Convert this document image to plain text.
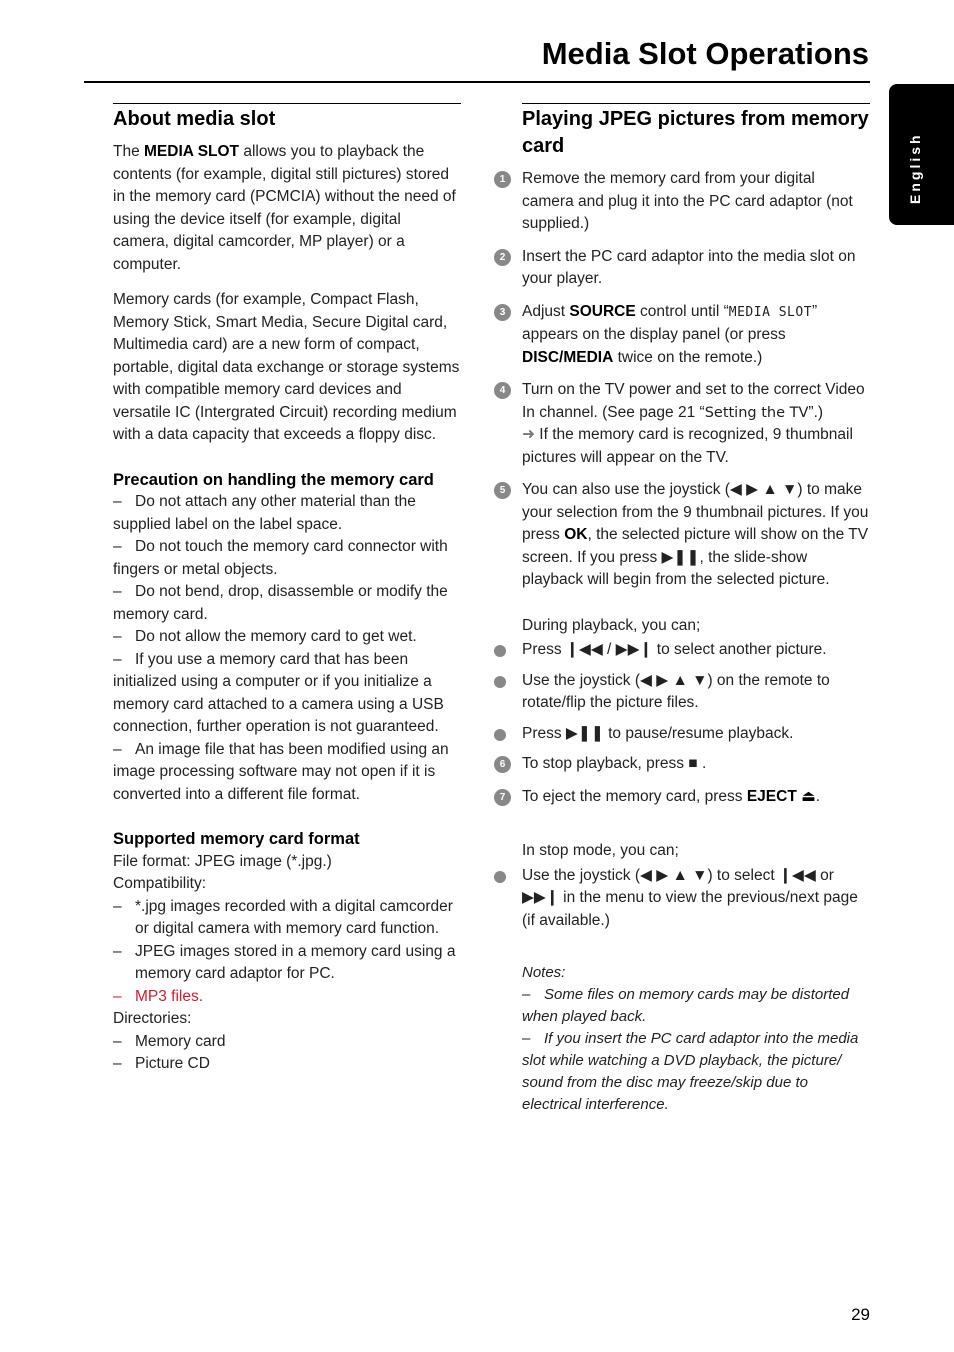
Media Slot Operations
English
About media slot

The MEDIA SLOT allows you to playback the contents (for example, digital still pictures) stored in the memory card (PCMCIA) without the need of using the device itself (for example, digital camera, digital camcorder, MP player) or a computer.

Memory cards (for example, Compact Flash, Memory Stick, Smart Media, Secure Digital card, Multimedia card) are a new form of compact, portable, digital data exchange or storage systems with compatible memory card devices and versatile IC (Intergrated Circuit) recording medium with a data capacity that exceeds a floppy disc.

Precaution on handling the memory card

– Do not attach any other material than the supplied label on the label space.

– Do not touch the memory card connector with fingers or metal objects.

– Do not bend, drop, disassemble or modify the memory card.

– Do not allow the memory card to get wet.

– If you use a memory card that has been initialized using a computer or if you initialize a memory card attached to a camera using a USB connection, further operation is not guaranteed.

– An image file that has been modified using an image processing software may not open if it is converted into a different file format.

Supported memory card format

File format: JPEG image (*.jpg.)

Compatibility:

– *.jpg images recorded with a digital camcorder or digital camera with memory card function.

– JPEG images stored in a memory card using a memory card adaptor for PC.

– MP3 files.

Directories:

– Memory card

– Picture CD

Playing JPEG pictures from memory card
1	Remove the memory card from your digital camera and plug it into the PC card adaptor (not supplied.)
2	Insert the PC card adaptor into the media slot on your player.
3	Adjust SOURCE control until “MEDIA SLOT” appears on the display panel (or press DISC/MEDIA twice on the remote.)
4	Turn on the TV power and set to the correct Video In channel. (See page 21 “Setting the TV”.)
➜ If the memory card is recognized, 9 thumbnail pictures will appear on the TV.
5	You can also use the joystick (◀ ▶ ▲ ▼) to make your selection from the 9 thumbnail pictures. If you press OK, the selected picture will show on the TV screen. If you press ▶❚❚, the slide-show playback will begin from the selected picture.

During playback, you can;

Press ❙◀◀ / ▶▶❙ to select another picture.
Use the joystick (◀ ▶ ▲ ▼) on the remote to rotate/flip the picture files.
Press ▶❚❚ to pause/resume playback.
6	To stop playback, press ■ .
7	To eject the memory card, press EJECT ⏏.

In stop mode, you can;

Use the joystick (◀ ▶ ▲ ▼) to select ❙◀◀ or ▶▶❙ in the menu to view the previous/next page (if available.)

Notes:

– Some files on memory cards may be distorted when played back.

– If you insert the PC card adaptor into the media slot while watching a DVD playback, the picture/ sound from the disc may freeze/skip due to electrical interference.

29
